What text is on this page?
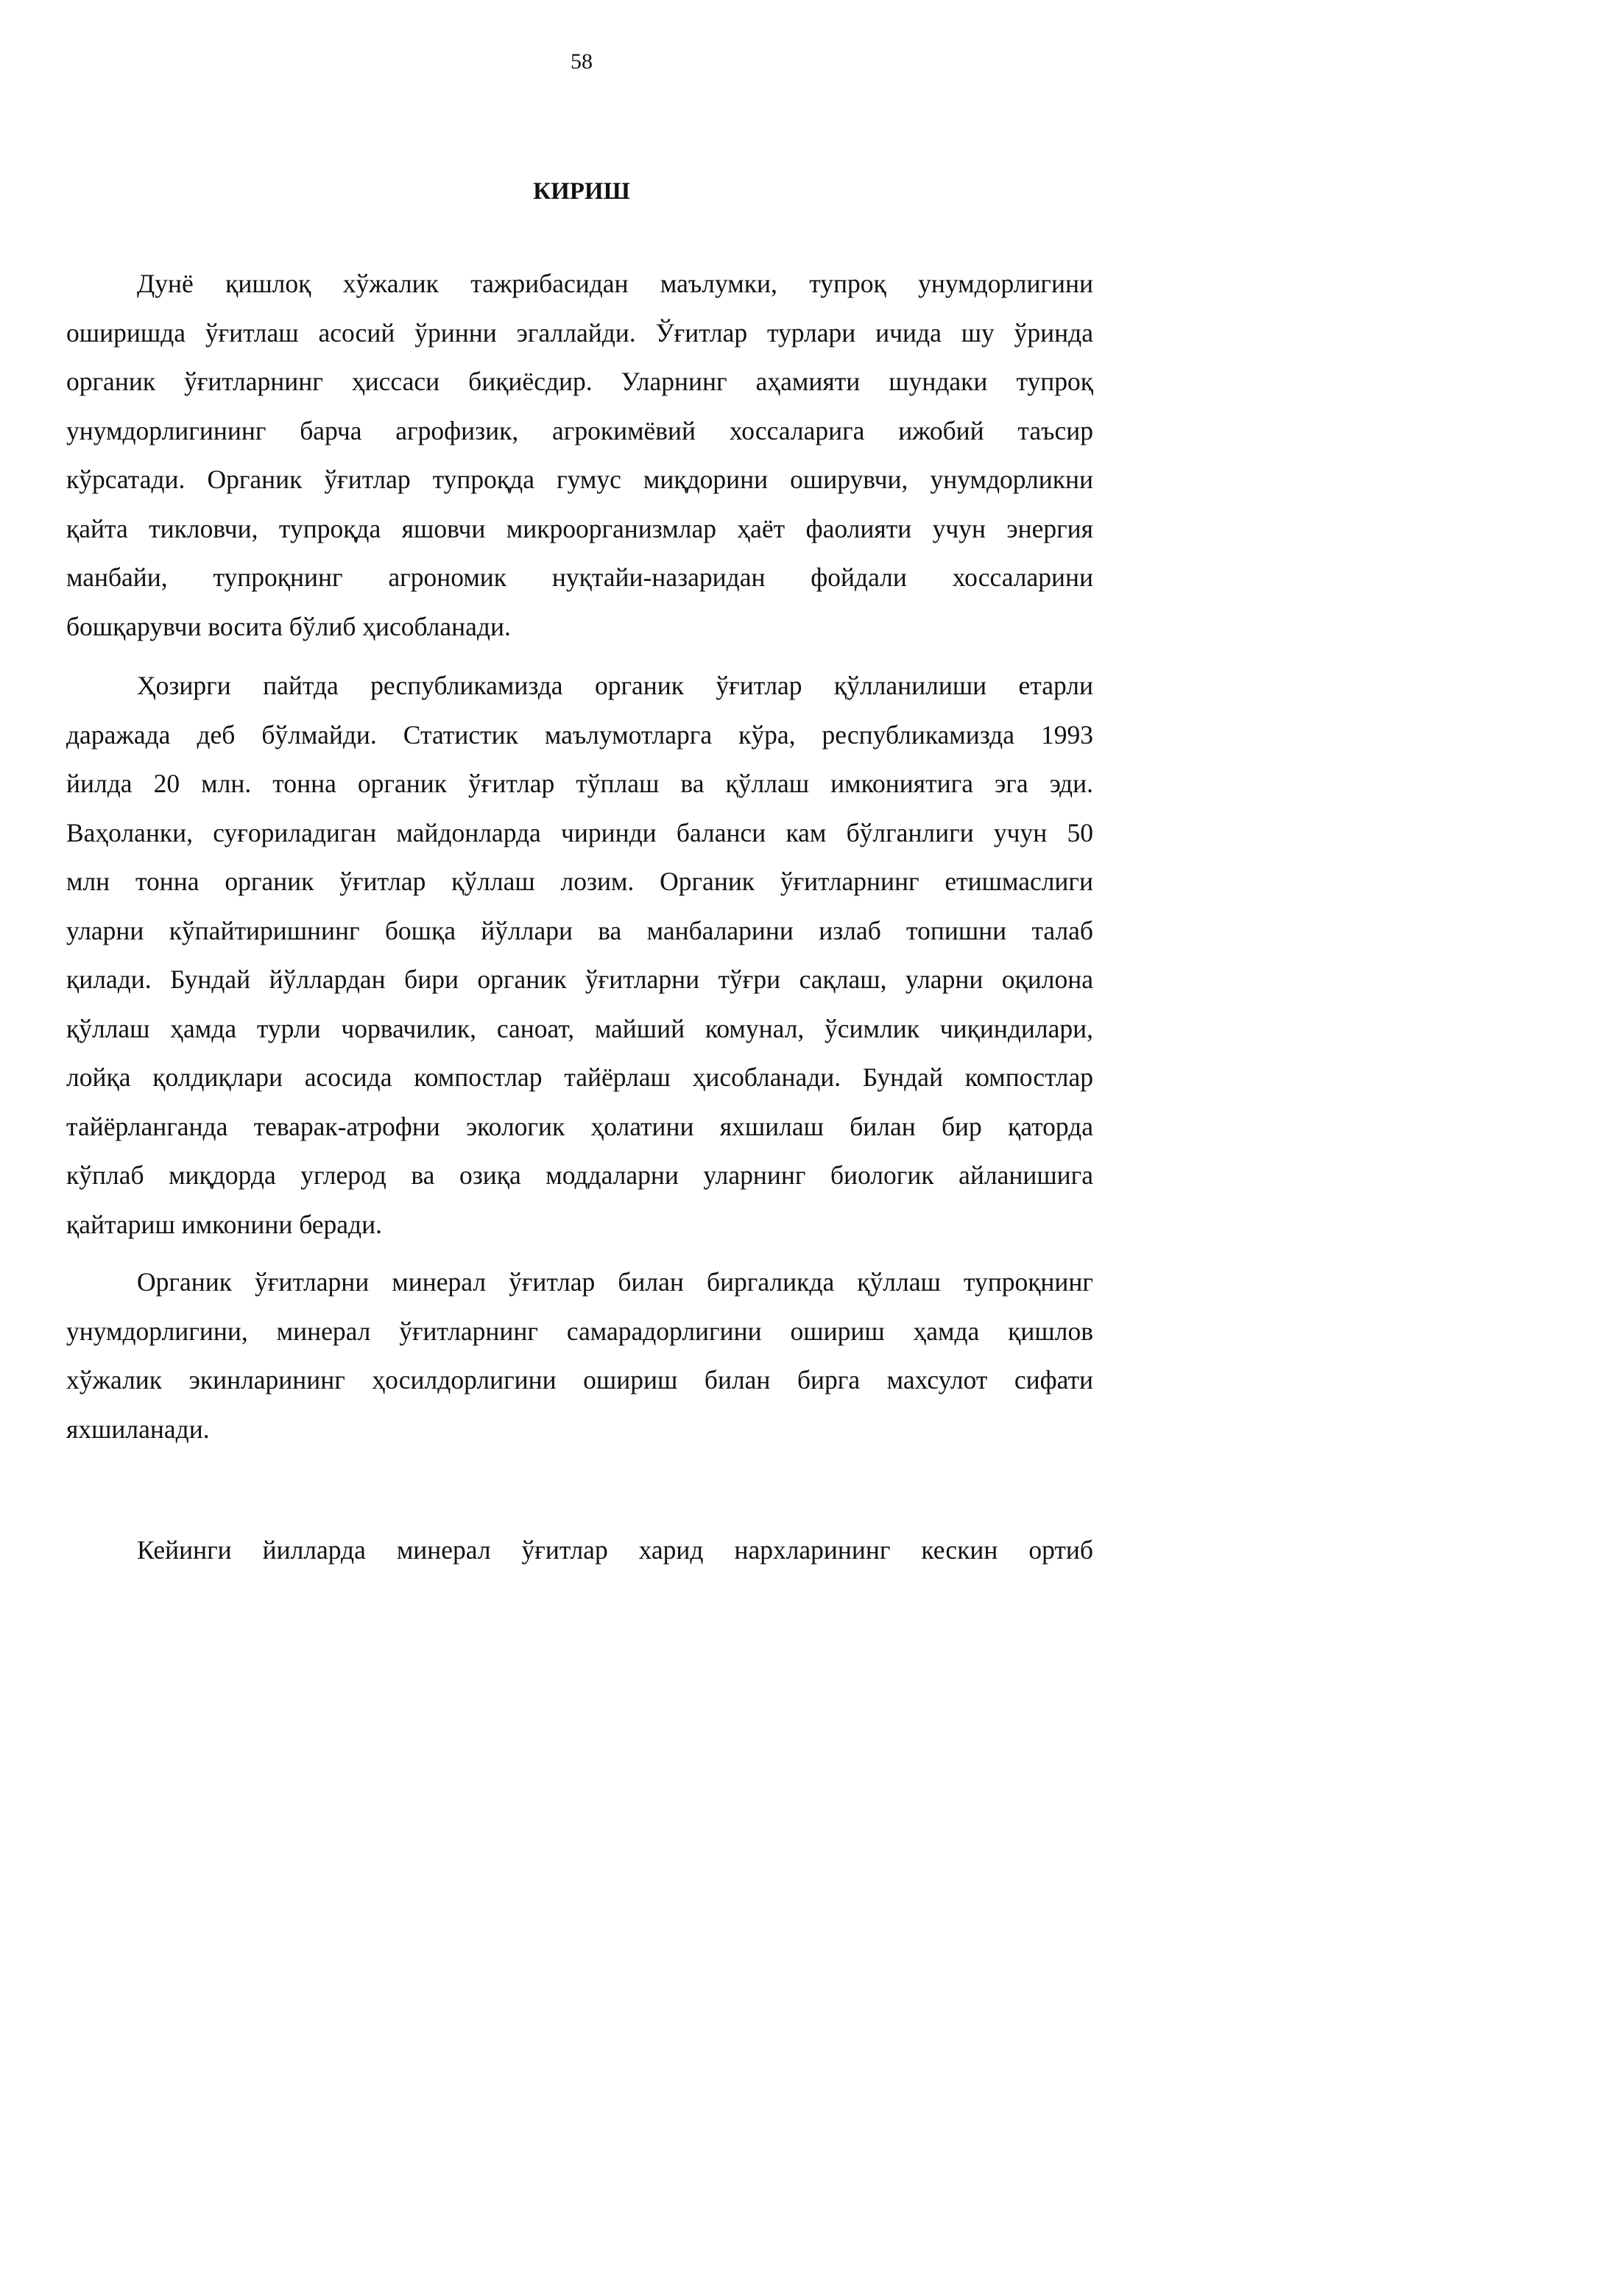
58
КИРИШ
Дунё қишлоқ хўжалик тажрибасидан маълумки, тупроқ унумдорлигини
оширишда ўғитлаш асосий ўринни эгаллайди. Ўғитлар турлари ичида шу ўринда
органик ўғитларнинг ҳиссаси биқиёсдир. Уларнинг аҳамияти шундаки тупроқ
унумдорлигининг барча агрофизик, агрокимёвий хоссаларига ижобий таъсир
кўрсатади. Органик ўғитлар тупроқда гумус миқдорини оширувчи, унумдорликни
қайта тикловчи, тупроқда яшовчи микроорганизмлар ҳаёт фаолияти учун энергия
манбайи, тупроқнинг агрономик нуқтайи-назаридан фойдали хоссаларини
бошқарувчи восита бўлиб ҳисобланади.
Ҳозирги пайтда республикамизда органик ўғитлар қўлланилиши етарли
даражада деб бўлмайди. Статистик маълумотларга кўра, республикамизда 1993
йилда 20 млн. тонна органик ўғитлар тўплаш ва қўллаш имкониятига эга эди.
Ваҳоланки, суғориладиган майдонларда чиринди баланси кам бўлганлиги учун 50
млн тонна органик ўғитлар қўллаш лозим. Органик ўғитларнинг етишмаслиги
уларни кўпайтиришнинг бошқа йўллари ва манбаларини излаб топишни талаб
қилади. Бундай йўллардан бири органик ўғитларни тўғри сақлаш, уларни оқилона
қўллаш ҳамда турли чорвачилик, саноат, майший комунал, ўсимлик чиқиндилари,
лойқа қолдиқлари асосида компостлар тайёрлаш ҳисобланади. Бундай компостлар
тайёрланганда теварак-атрофни экологик ҳолатини яхшилаш билан бир қаторда
кўплаб миқдорда углерод ва озиқа моддаларни уларнинг биологик айланишига
қайтариш имконини беради.
Органик ўғитларни минерал ўғитлар билан биргаликда қўллаш тупроқнинг
унумдорлигини, минерал ўғитларнинг самарадорлигини ошириш ҳамда қишлов
хўжалик экинларининг ҳосилдорлигини ошириш билан бирга махсулот сифати
яхшиланади.
Кейинги йилларда минерал ўғитлар харид нархларининг кескин ортиб
